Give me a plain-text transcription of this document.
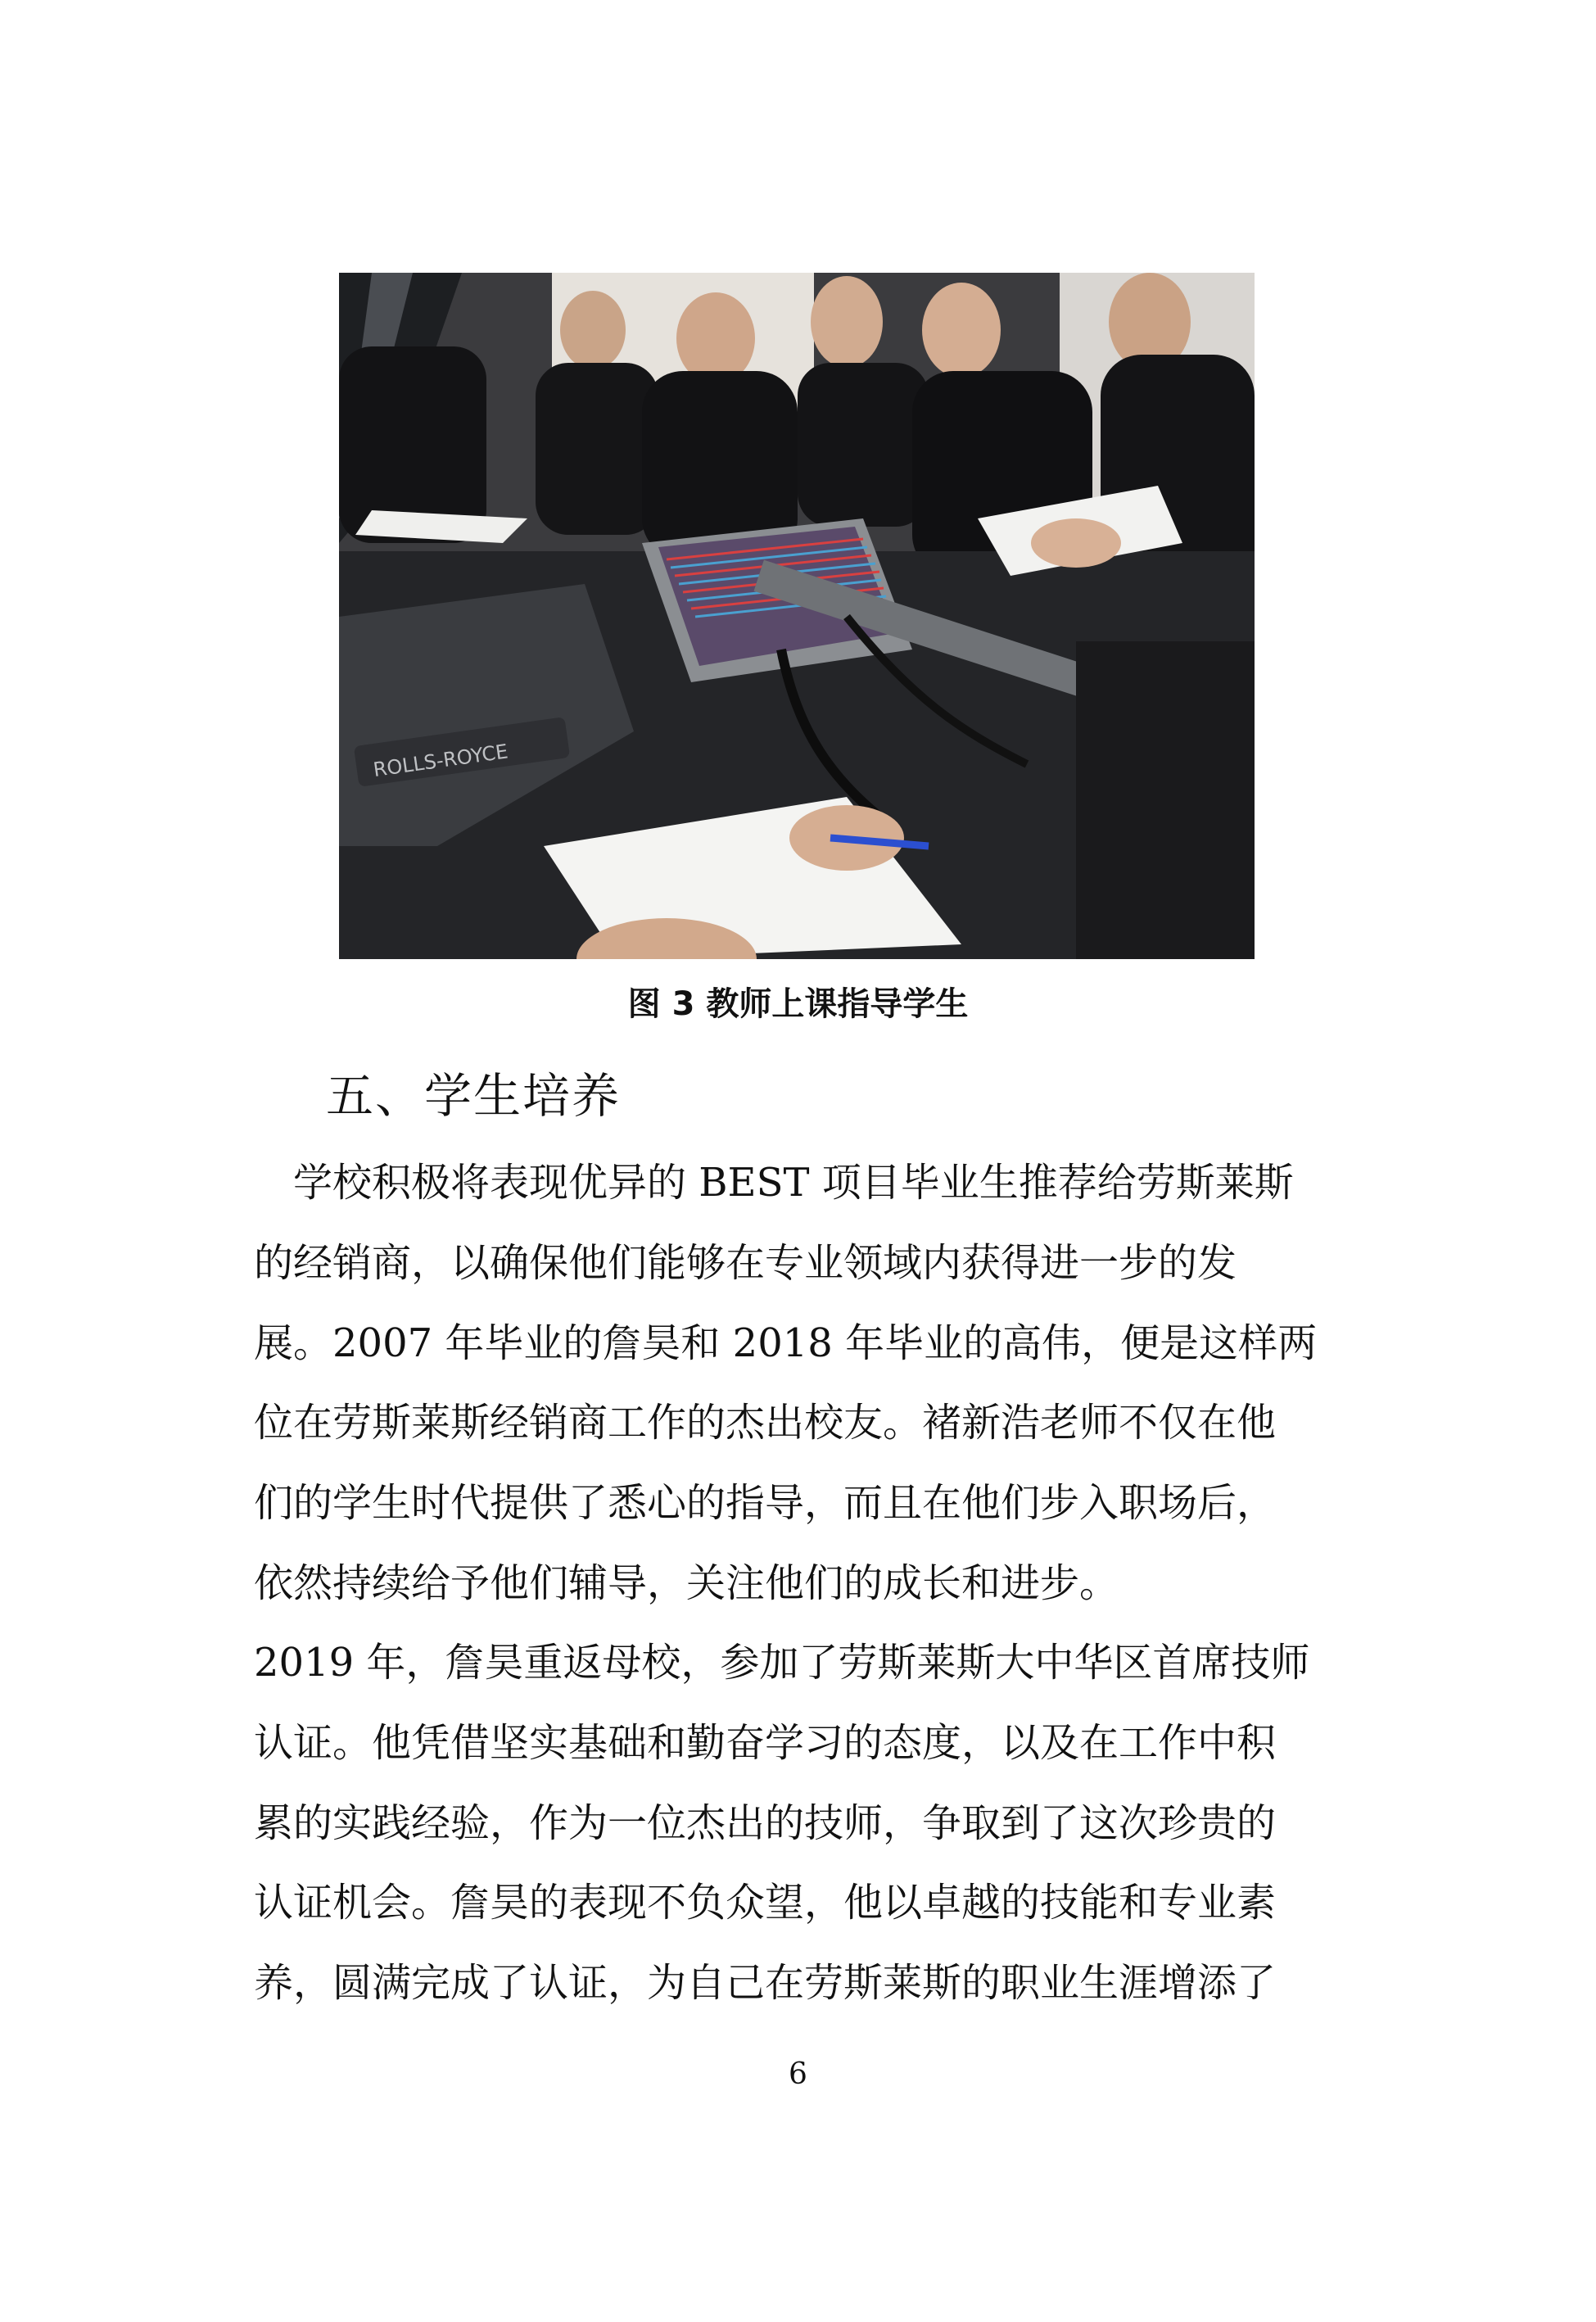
ROLLS-ROYCE
图 3 教师上课指导学生
五、学生培养
　学校积极将表现优异的 BEST 项目毕业生推荐给劳斯莱斯
的经销商，以确保他们能够在专业领域内获得进一步的发
展。2007 年毕业的詹昊和 2018 年毕业的高伟，便是这样两
位在劳斯莱斯经销商工作的杰出校友。褚新浩老师不仅在他
们的学生时代提供了悉心的指导，而且在他们步入职场后，
依然持续给予他们辅导，关注他们的成长和进步。
2019 年，詹昊重返母校，参加了劳斯莱斯大中华区首席技师
认证。他凭借坚实基础和勤奋学习的态度，以及在工作中积
累的实践经验，作为一位杰出的技师，争取到了这次珍贵的
认证机会。詹昊的表现不负众望，他以卓越的技能和专业素
养，圆满完成了认证，为自己在劳斯莱斯的职业生涯增添了
6
